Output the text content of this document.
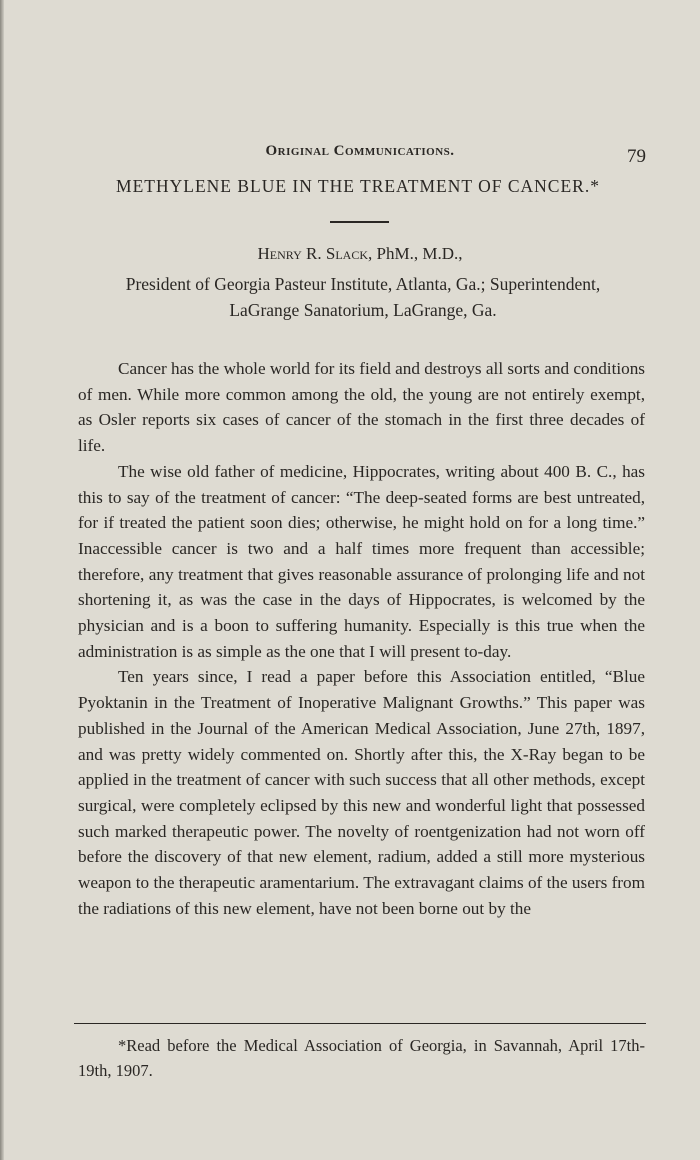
Original Communications.	79
METHYLENE BLUE IN THE TREATMENT OF CANCER.*
Henry R. Slack, PhM., M.D.,
President of Georgia Pasteur Institute, Atlanta, Ga.; Superintendent,
LaGrange Sanatorium, LaGrange, Ga.

Cancer has the whole world for its field and destroys all sorts and conditions of men. While more common among the old, the young are not entirely exempt, as Osler reports six cases of cancer of the stomach in the first three decades of life.

The wise old father of medicine, Hippocrates, writing about 400 B. C., has this to say of the treatment of cancer: “The deep-seated forms are best untreated, for if treated the patient soon dies; otherwise, he might hold on for a long time.” Inaccessible cancer is two and a half times more frequent than accessible; therefore, any treatment that gives reasonable assurance of prolonging life and not shortening it, as was the case in the days of Hippocrates, is welcomed by the physician and is a boon to suffering humanity. Especially is this true when the administration is as simple as the one that I will present to-day.

Ten years since, I read a paper before this Association entitled, “Blue Pyoktanin in the Treatment of Inoperative Malignant Growths.” This paper was published in the Journal of the American Medical Association, June 27th, 1897, and was pretty widely commented on. Shortly after this, the X-Ray began to be applied in the treatment of cancer with such success that all other methods, except surgical, were completely eclipsed by this new and wonderful light that possessed such marked therapeutic power. The novelty of roentgenization had not worn off before the discovery of that new element, radium, added a still more mysterious weapon to the therapeutic aramentarium. The extravagant claims of the users from the radiations of this new element, have not been borne out by the

*Read before the Medical Association of Georgia, in Savannah, April 17th-19th, 1907.
